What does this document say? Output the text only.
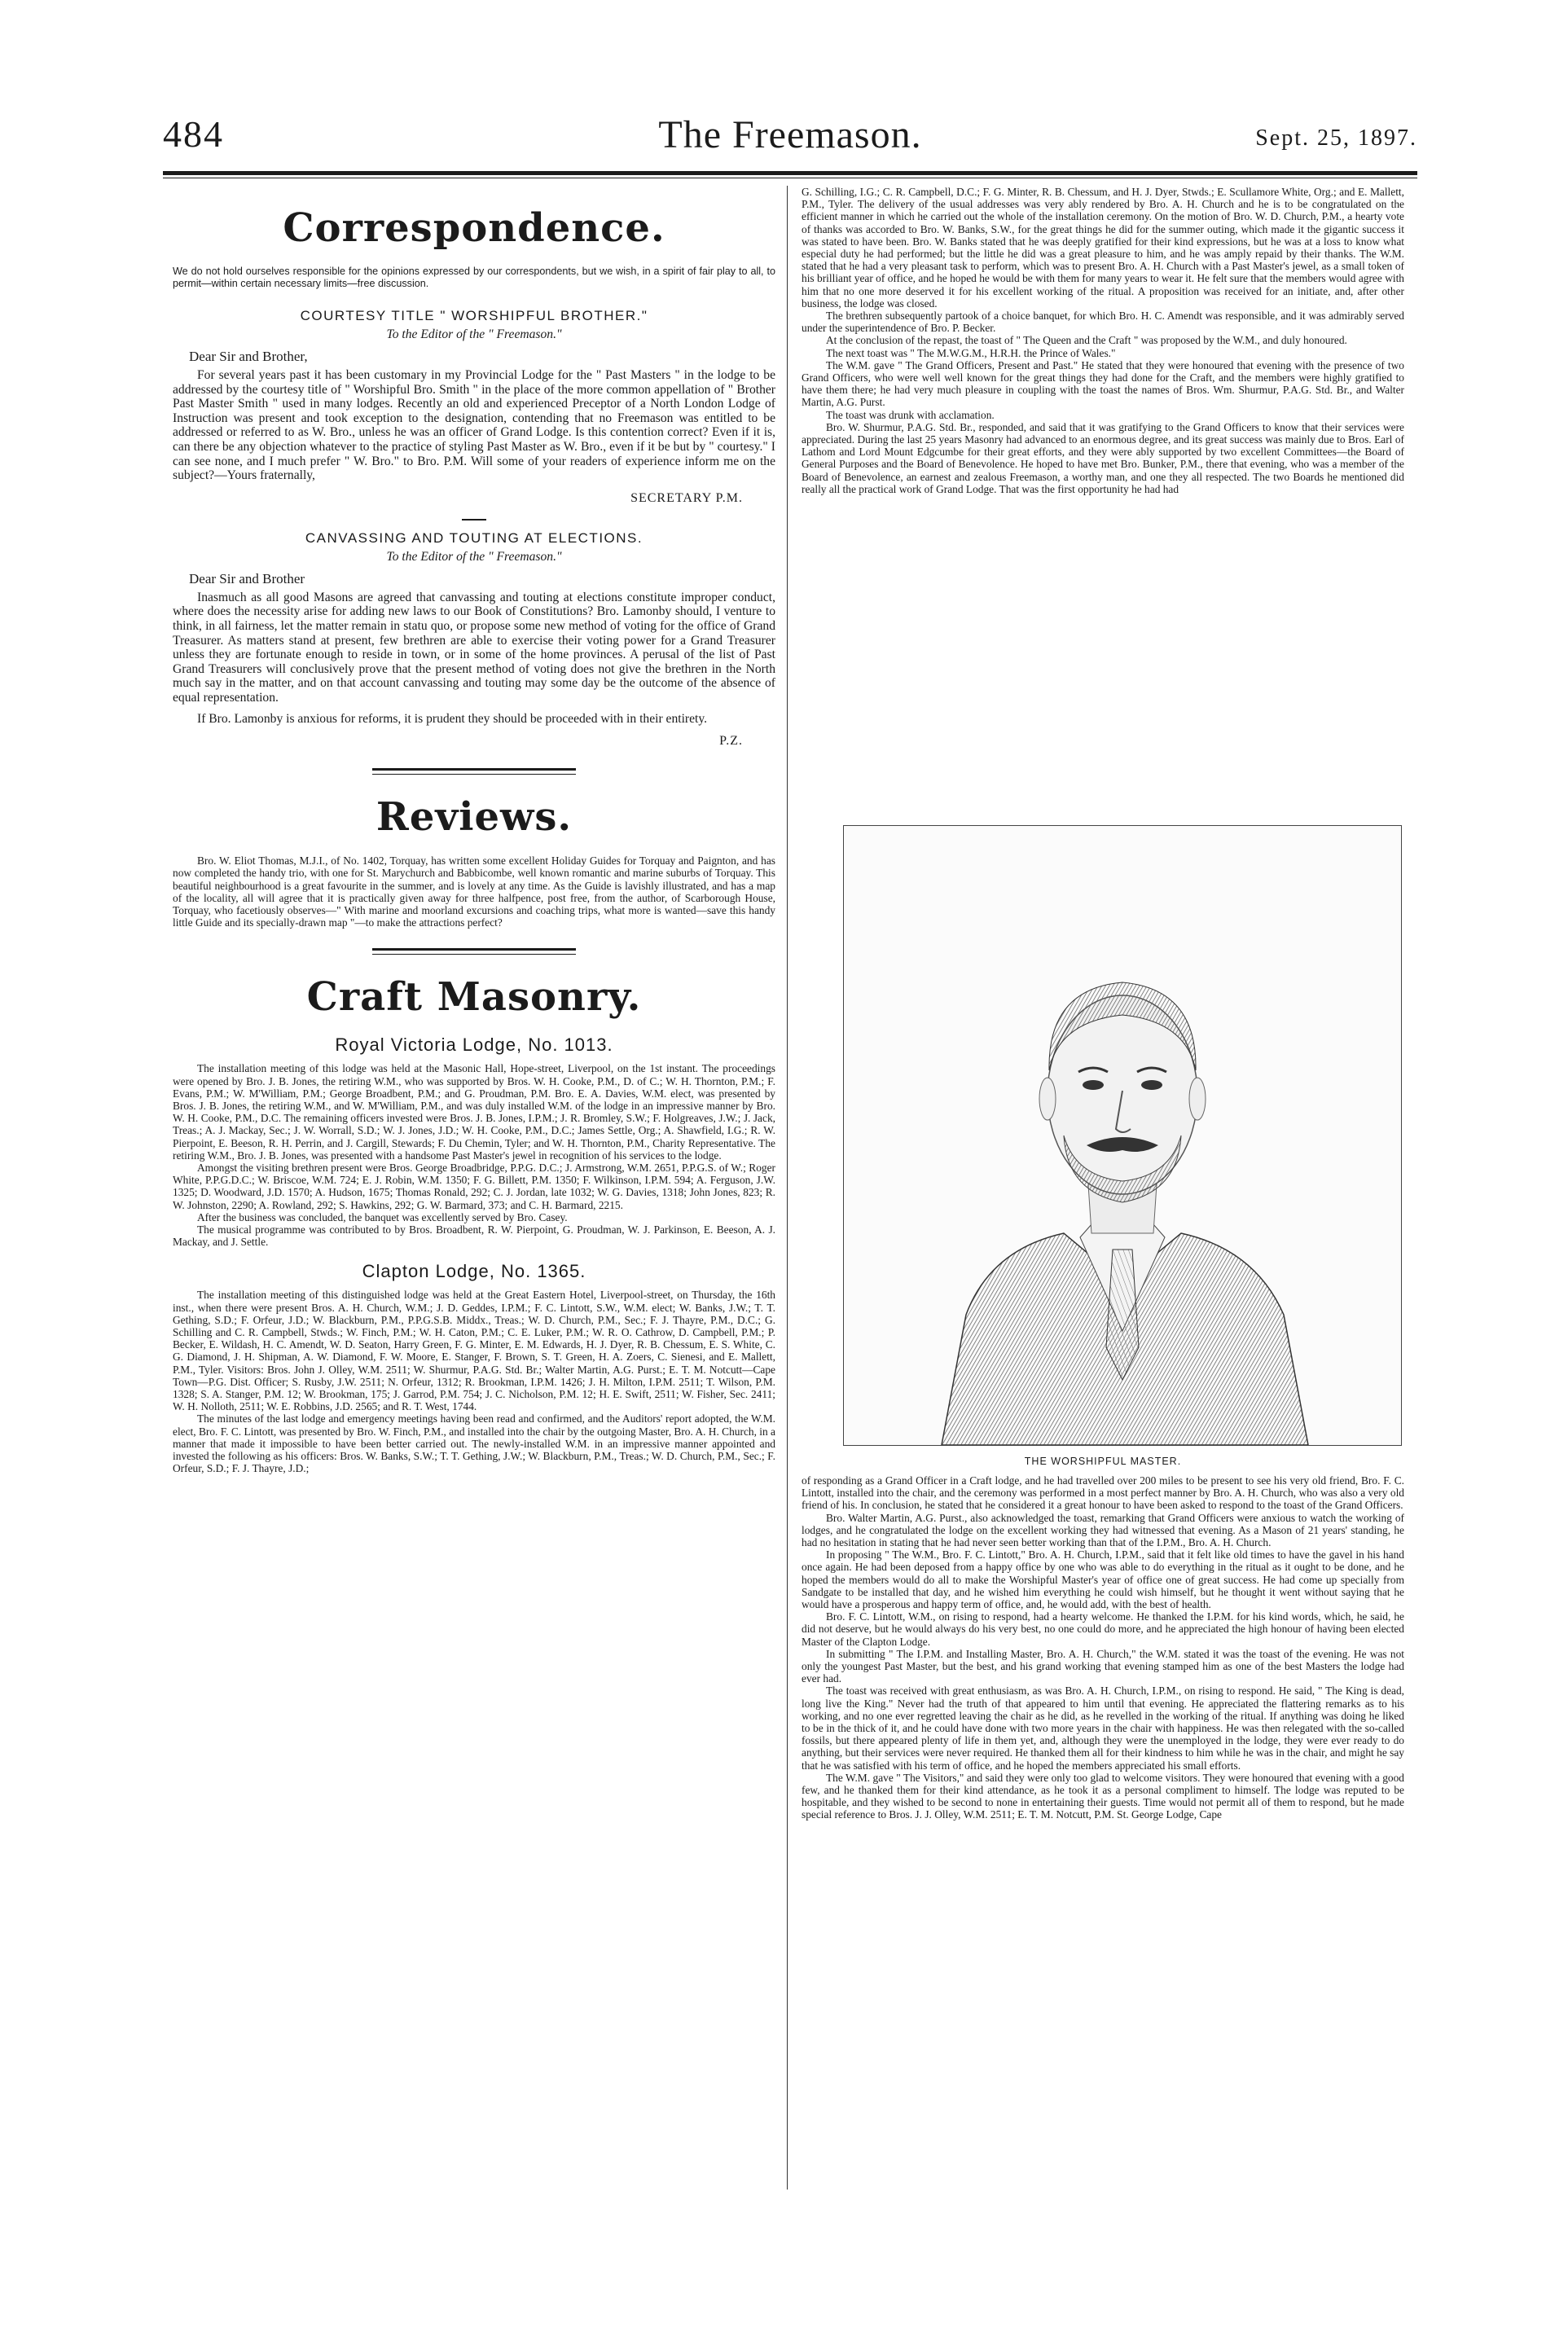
484	The Freemason.	Sept. 25, 1897.
Correspondence.

We do not hold ourselves responsible for the opinions expressed by our correspondents, but we wish, in a spirit of fair play to all, to permit—within certain necessary limits—free discussion.

COURTESY TITLE " WORSHIPFUL BROTHER."
To the Editor of the " Freemason."
Dear Sir and Brother,

For several years past it has been customary in my Provincial Lodge for the " Past Masters " in the lodge to be addressed by the courtesy title of " Worshipful Bro. Smith " in the place of the more common appellation of " Brother Past Master Smith " used in many lodges. Recently an old and experienced Preceptor of a North London Lodge of Instruction was present and took exception to the designation, contending that no Freemason was entitled to be addressed or referred to as W. Bro., unless he was an officer of Grand Lodge. Is this contention correct? Even if it is, can there be any objection whatever to the practice of styling Past Master as W. Bro., even if it be but by " courtesy." I can see none, and I much prefer " W. Bro." to Bro. P.M. Will some of your readers of experience inform me on the subject?—Yours fraternally,

SECRETARY P.M.
CANVASSING AND TOUTING AT ELECTIONS.
To the Editor of the " Freemason."
Dear Sir and Brother

Inasmuch as all good Masons are agreed that canvassing and touting at elections constitute improper conduct, where does the necessity arise for adding new laws to our Book of Constitutions? Bro. Lamonby should, I venture to think, in all fairness, let the matter remain in statu quo, or propose some new method of voting for the office of Grand Treasurer. As matters stand at present, few brethren are able to exercise their voting power for a Grand Treasurer unless they are fortunate enough to reside in town, or in some of the home provinces. A perusal of the list of Past Grand Treasurers will conclusively prove that the present method of voting does not give the brethren in the North much say in the matter, and on that account canvassing and touting may some day be the outcome of the absence of equal representation.

If Bro. Lamonby is anxious for reforms, it is prudent they should be proceeded with in their entirety.

P.Z.
Reviews.

Bro. W. Eliot Thomas, M.J.I., of No. 1402, Torquay, has written some excellent Holiday Guides for Torquay and Paignton, and has now completed the handy trio, with one for St. Marychurch and Babbicombe, well known romantic and marine suburbs of Torquay. This beautiful neighbourhood is a great favourite in the summer, and is lovely at any time. As the Guide is lavishly illustrated, and has a map of the locality, all will agree that it is practically given away for three halfpence, post free, from the author, of Scarborough House, Torquay, who facetiously observes—" With marine and moorland excursions and coaching trips, what more is wanted—save this handy little Guide and its specially-drawn map "—to make the attractions perfect?

Craft Masonry.
Royal Victoria Lodge, No. 1013.

The installation meeting of this lodge was held at the Masonic Hall, Hope-street, Liverpool, on the 1st instant. The proceedings were opened by Bro. J. B. Jones, the retiring W.M., who was supported by Bros. W. H. Cooke, P.M., D. of C.; W. H. Thornton, P.M.; F. Evans, P.M.; W. M'William, P.M.; George Broadbent, P.M.; and G. Proudman, P.M. Bro. E. A. Davies, W.M. elect, was presented by Bros. J. B. Jones, the retiring W.M., and W. M'William, P.M., and was duly installed W.M. of the lodge in an impressive manner by Bro. W. H. Cooke, P.M., D.C. The remaining officers invested were Bros. J. B. Jones, I.P.M.; J. R. Bromley, S.W.; F. Holgreaves, J.W.; J. Jack, Treas.; A. J. Mackay, Sec.; J. W. Worrall, S.D.; W. J. Jones, J.D.; W. H. Cooke, P.M., D.C.; James Settle, Org.; A. Shawfield, I.G.; R. W. Pierpoint, E. Beeson, R. H. Perrin, and J. Cargill, Stewards; F. Du Chemin, Tyler; and W. H. Thornton, P.M., Charity Representative. The retiring W.M., Bro. J. B. Jones, was presented with a handsome Past Master's jewel in recognition of his services to the lodge.

Amongst the visiting brethren present were Bros. George Broadbridge, P.P.G. D.C.; J. Armstrong, W.M. 2651, P.P.G.S. of W.; Roger White, P.P.G.D.C.; W. Briscoe, W.M. 724; E. J. Robin, W.M. 1350; F. G. Billett, P.M. 1350; F. Wilkinson, I.P.M. 594; A. Ferguson, J.W. 1325; D. Woodward, J.D. 1570; A. Hudson, 1675; Thomas Ronald, 292; C. J. Jordan, late 1032; W. G. Davies, 1318; John Jones, 823; R. W. Johnston, 2290; A. Rowland, 292; S. Hawkins, 292; G. W. Barmard, 373; and C. H. Barmard, 2215.

After the business was concluded, the banquet was excellently served by Bro. Casey.

The musical programme was contributed to by Bros. Broadbent, R. W. Pierpoint, G. Proudman, W. J. Parkinson, E. Beeson, A. J. Mackay, and J. Settle.

Clapton Lodge, No. 1365.

The installation meeting of this distinguished lodge was held at the Great Eastern Hotel, Liverpool-street, on Thursday, the 16th inst., when there were present Bros. A. H. Church, W.M.; J. D. Geddes, I.P.M.; F. C. Lintott, S.W., W.M. elect; W. Banks, J.W.; T. T. Gething, S.D.; F. Orfeur, J.D.; W. Blackburn, P.M., P.P.G.S.B. Middx., Treas.; W. D. Church, P.M., Sec.; F. J. Thayre, P.M., D.C.; G. Schilling and C. R. Campbell, Stwds.; W. Finch, P.M.; W. H. Caton, P.M.; C. E. Luker, P.M.; W. R. O. Cathrow, D. Campbell, P.M.; P. Becker, E. Wildash, H. C. Amendt, W. D. Seaton, Harry Green, F. G. Minter, E. M. Edwards, H. J. Dyer, R. B. Chessum, E. S. White, C. G. Diamond, J. H. Shipman, A. W. Diamond, F. W. Moore, E. Stanger, F. Brown, S. T. Green, H. A. Zoers, C. Sienesi, and E. Mallett, P.M., Tyler. Visitors: Bros. John J. Olley, W.M. 2511; W. Shurmur, P.A.G. Std. Br.; Walter Martin, A.G. Purst.; E. T. M. Notcutt—Cape Town—P.G. Dist. Officer; S. Rusby, J.W. 2511; N. Orfeur, 1312; R. Brookman, I.P.M. 1426; J. H. Milton, I.P.M. 2511; T. Wilson, P.M. 1328; S. A. Stanger, P.M. 12; W. Brookman, 175; J. Garrod, P.M. 754; J. C. Nicholson, P.M. 12; H. E. Swift, 2511; W. Fisher, Sec. 2411; W. H. Nolloth, 2511; W. E. Robbins, J.D. 2565; and R. T. West, 1744.

The minutes of the last lodge and emergency meetings having been read and confirmed, and the Auditors' report adopted, the W.M. elect, Bro. F. C. Lintott, was presented by Bro. W. Finch, P.M., and installed into the chair by the outgoing Master, Bro. A. H. Church, in a manner that made it impossible to have been better carried out. The newly-installed W.M. in an impressive manner appointed and invested the following as his officers: Bros. W. Banks, S.W.; T. T. Gething, J.W.; W. Blackburn, P.M., Treas.; W. D. Church, P.M., Sec.; F. Orfeur, S.D.; F. J. Thayre, J.D.;

G. Schilling, I.G.; C. R. Campbell, D.C.; F. G. Minter, R. B. Chessum, and H. J. Dyer, Stwds.; E. Scullamore White, Org.; and E. Mallett, P.M., Tyler. The delivery of the usual addresses was very ably rendered by Bro. A. H. Church and he is to be congratulated on the efficient manner in which he carried out the whole of the installation ceremony. On the motion of Bro. W. D. Church, P.M., a hearty vote of thanks was accorded to Bro. W. Banks, S.W., for the great things he did for the summer outing, which made it the gigantic success it was stated to have been. Bro. W. Banks stated that he was deeply gratified for their kind expressions, but he was at a loss to know what especial duty he had performed; but the little he did was a great pleasure to him, and he was amply repaid by their thanks. The W.M. stated that he had a very pleasant task to perform, which was to present Bro. A. H. Church with a Past Master's jewel, as a small token of his brilliant year of office, and he hoped he would be with them for many years to wear it. He felt sure that the members would agree with him that no one more deserved it for his excellent working of the ritual. A proposition was received for an initiate, and, after other business, the lodge was closed.

The brethren subsequently partook of a choice banquet, for which Bro. H. C. Amendt was responsible, and it was admirably served under the superintendence of Bro. P. Becker.

At the conclusion of the repast, the toast of " The Queen and the Craft " was proposed by the W.M., and duly honoured.

The next toast was " The M.W.G.M., H.R.H. the Prince of Wales."

The W.M. gave " The Grand Officers, Present and Past." He stated that they were honoured that evening with the presence of two Grand Officers, who were well well known for the great things they had done for the Craft, and the members were highly gratified to have them there; he had very much pleasure in coupling with the toast the names of Bros. Wm. Shurmur, P.A.G. Std. Br., and Walter Martin, A.G. Purst.

The toast was drunk with acclamation.

Bro. W. Shurmur, P.A.G. Std. Br., responded, and said that it was gratifying to the Grand Officers to know that their services were appreciated. During the last 25 years Masonry had advanced to an enormous degree, and its great success was mainly due to Bros. Earl of Lathom and Lord Mount Edgcumbe for their great efforts, and they were ably supported by two excellent Committees—the Board of General Purposes and the Board of Benevolence. He hoped to have met Bro. Bunker, P.M., there that evening, who was a member of the Board of Benevolence, an earnest and zealous Freemason, a worthy man, and one they all respected. The two Boards he mentioned did really all the practical work of Grand Lodge. That was the first opportunity he had had

THE WORSHIPFUL MASTER.

of responding as a Grand Officer in a Craft lodge, and he had travelled over 200 miles to be present to see his very old friend, Bro. F. C. Lintott, installed into the chair, and the ceremony was performed in a most perfect manner by Bro. A. H. Church, who was also a very old friend of his. In conclusion, he stated that he considered it a great honour to have been asked to respond to the toast of the Grand Officers.

Bro. Walter Martin, A.G. Purst., also acknowledged the toast, remarking that Grand Officers were anxious to watch the working of lodges, and he congratulated the lodge on the excellent working they had witnessed that evening. As a Mason of 21 years' standing, he had no hesitation in stating that he had never seen better working than that of the I.P.M., Bro. A. H. Church.

In proposing " The W.M., Bro. F. C. Lintott," Bro. A. H. Church, I.P.M., said that it felt like old times to have the gavel in his hand once again. He had been deposed from a happy office by one who was able to do everything in the ritual as it ought to be done, and he hoped the members would do all to make the Worshipful Master's year of office one of great success. He had come up specially from Sandgate to be installed that day, and he wished him everything he could wish himself, but he thought it went without saying that he would have a prosperous and happy term of office, and, he would add, with the best of health.

Bro. F. C. Lintott, W.M., on rising to respond, had a hearty welcome. He thanked the I.P.M. for his kind words, which, he said, he did not deserve, but he would always do his very best, no one could do more, and he appreciated the high honour of having been elected Master of the Clapton Lodge.

In submitting " The I.P.M. and Installing Master, Bro. A. H. Church," the W.M. stated it was the toast of the evening. He was not only the youngest Past Master, but the best, and his grand working that evening stamped him as one of the best Masters the lodge had ever had.

The toast was received with great enthusiasm, as was Bro. A. H. Church, I.P.M., on rising to respond. He said, " The King is dead, long live the King." Never had the truth of that appeared to him until that evening. He appreciated the flattering remarks as to his working, and no one ever regretted leaving the chair as he did, as he revelled in the working of the ritual. If anything was doing he liked to be in the thick of it, and he could have done with two more years in the chair with happiness. He was then relegated with the so-called fossils, but there appeared plenty of life in them yet, and, although they were the unemployed in the lodge, they were ever ready to do anything, but their services were never required. He thanked them all for their kindness to him while he was in the chair, and might he say that he was satisfied with his term of office, and he hoped the members appreciated his small efforts.

The W.M. gave " The Visitors," and said they were only too glad to welcome visitors. They were honoured that evening with a good few, and he thanked them for their kind attendance, as he took it as a personal compliment to himself. The lodge was reputed to be hospitable, and they wished to be second to none in entertaining their guests. Time would not permit all of them to respond, but he made special reference to Bros. J. J. Olley, W.M. 2511; E. T. M. Notcutt, P.M. St. George Lodge, Cape
